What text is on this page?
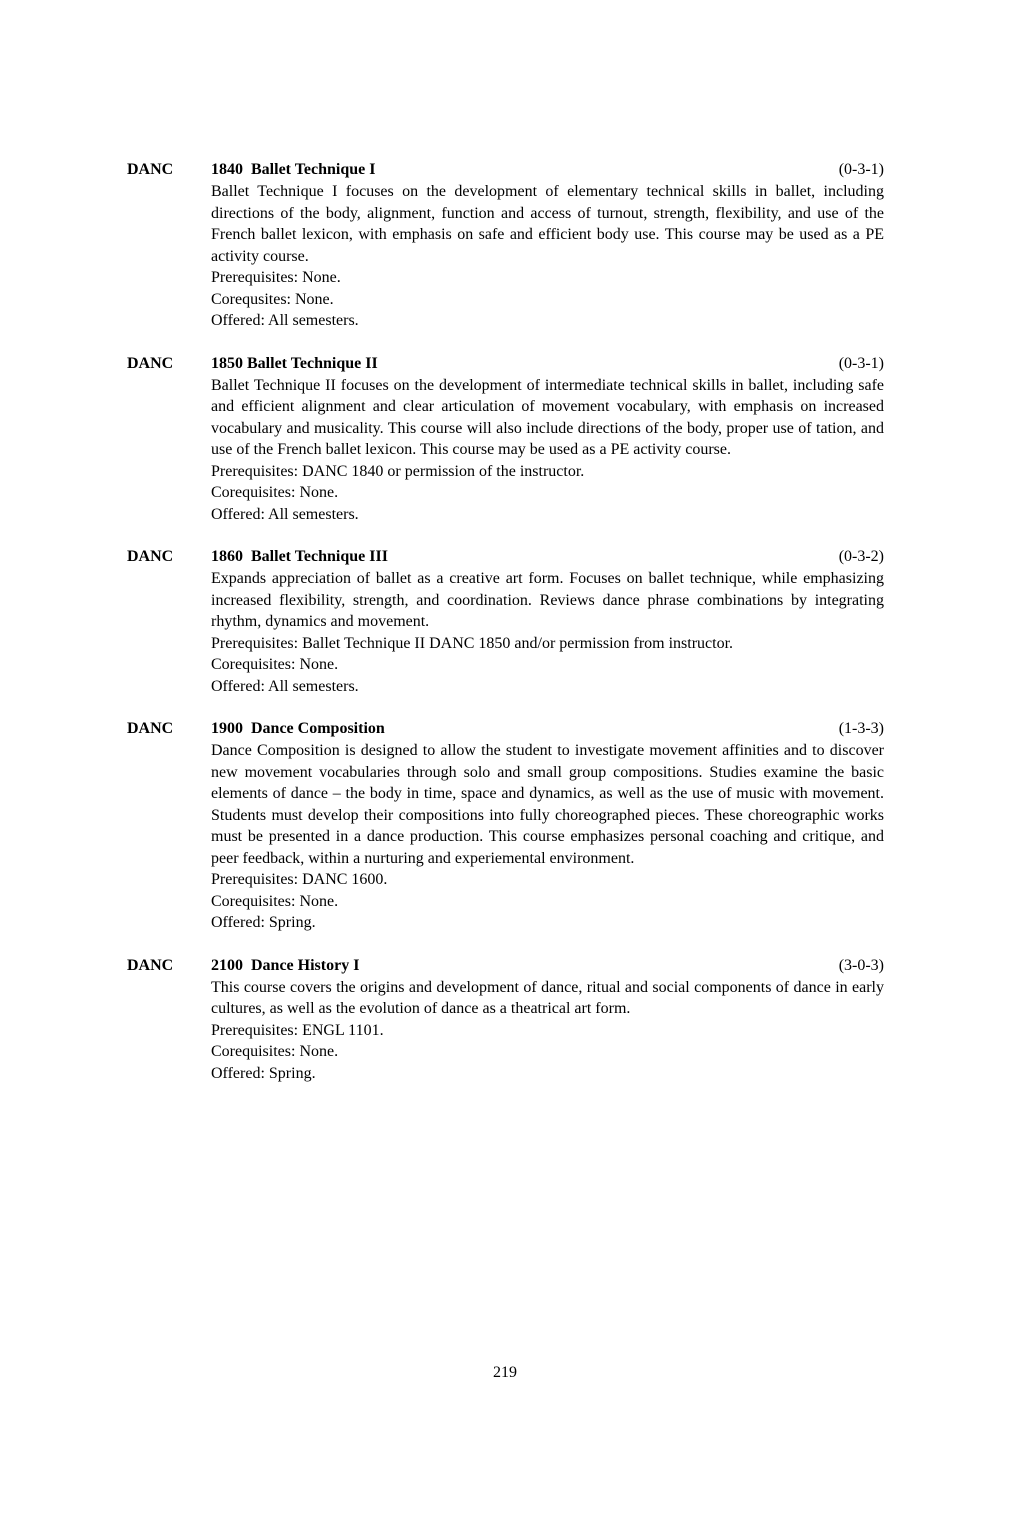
DANC 1840  Ballet Technique I	(0-3-1)

Ballet Technique I focuses on the development of elementary technical skills in ballet, including directions of the body, alignment, function and access of turnout, strength, flexibility, and use of the French ballet lexicon, with emphasis on safe and efficient body use. This course may be used as a PE activity course.

Prerequisites: None.

Corequsites: None.

Offered: All semesters.

DANC 1850 Ballet Technique II	(0-3-1)

Ballet Technique II focuses on the development of intermediate technical skills in ballet, including safe and efficient alignment and clear articulation of movement vocabulary, with emphasis on increased vocabulary and musicality. This course will also include directions of the body, proper use of tation, and use of the French ballet lexicon. This course may be used as a PE activity course.

Prerequisites: DANC 1840 or permission of the instructor.

Corequisites: None.

Offered: All semesters.

DANC 1860  Ballet Technique III	(0-3-2)

Expands appreciation of ballet as a creative art form. Focuses on ballet technique, while emphasizing increased flexibility, strength, and coordination. Reviews dance phrase combinations by integrating rhythm, dynamics and movement.

Prerequisites: Ballet Technique II DANC 1850 and/or permission from instructor.

Corequisites: None.

Offered: All semesters.

DANC 1900  Dance Composition	(1-3-3)

Dance Composition is designed to allow the student to investigate movement affinities and to discover new movement vocabularies through solo and small group compositions. Studies examine the basic elements of dance – the body in time, space and dynamics, as well as the use of music with movement. Students must develop their compositions into fully choreographed pieces. These choreographic works must be presented in a dance production. This course emphasizes personal coaching and critique, and peer feedback, within a nurturing and experiemental environment.

Prerequisites: DANC 1600.

Corequisites: None.

Offered: Spring.

DANC 2100  Dance History I	(3-0-3)

This course covers the origins and development of dance, ritual and social components of dance in early cultures, as well as the evolution of dance as a theatrical art form.

Prerequisites: ENGL 1101.

Corequisites: None.

Offered: Spring.

219
